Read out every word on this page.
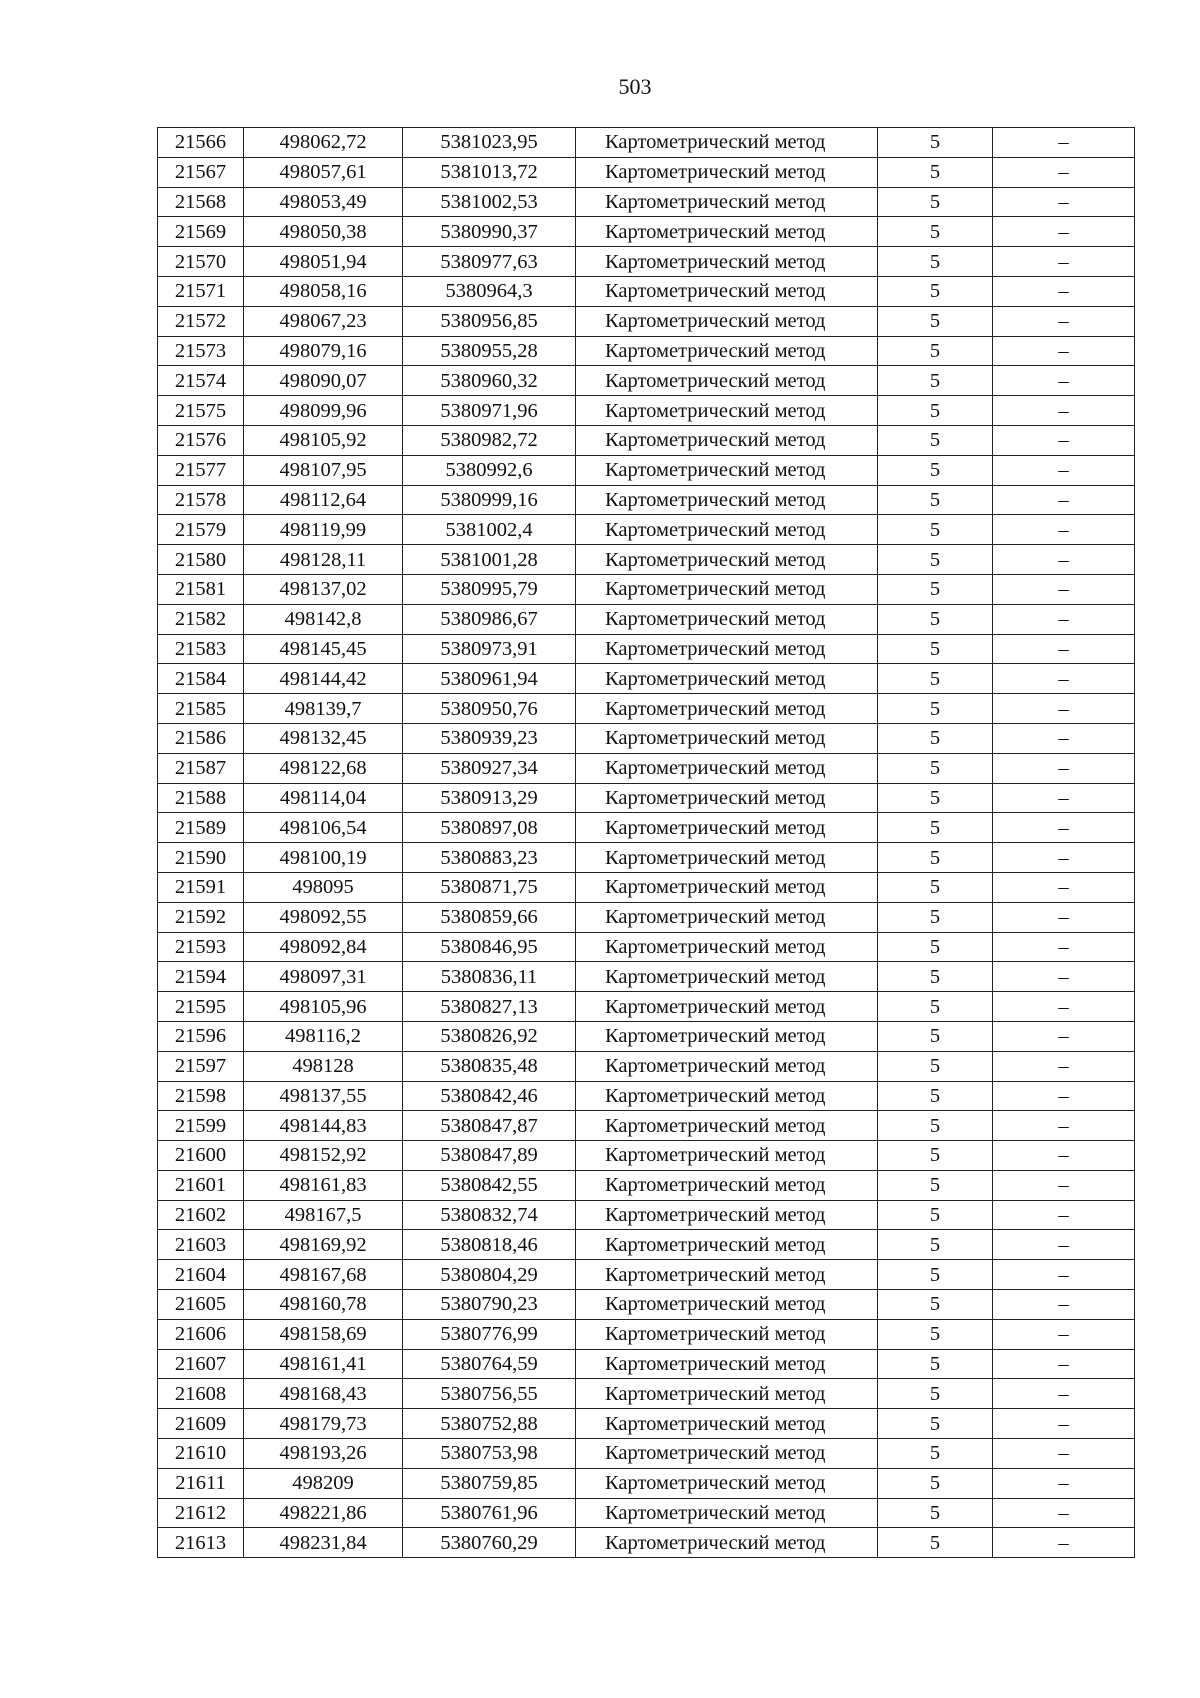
503
21566	498062,72	5381023,95	Картометрический метод	5	–
21567	498057,61	5381013,72	Картометрический метод	5	–
21568	498053,49	5381002,53	Картометрический метод	5	–
21569	498050,38	5380990,37	Картометрический метод	5	–
21570	498051,94	5380977,63	Картометрический метод	5	–
21571	498058,16	5380964,3	Картометрический метод	5	–
21572	498067,23	5380956,85	Картометрический метод	5	–
21573	498079,16	5380955,28	Картометрический метод	5	–
21574	498090,07	5380960,32	Картометрический метод	5	–
21575	498099,96	5380971,96	Картометрический метод	5	–
21576	498105,92	5380982,72	Картометрический метод	5	–
21577	498107,95	5380992,6	Картометрический метод	5	–
21578	498112,64	5380999,16	Картометрический метод	5	–
21579	498119,99	5381002,4	Картометрический метод	5	–
21580	498128,11	5381001,28	Картометрический метод	5	–
21581	498137,02	5380995,79	Картометрический метод	5	–
21582	498142,8	5380986,67	Картометрический метод	5	–
21583	498145,45	5380973,91	Картометрический метод	5	–
21584	498144,42	5380961,94	Картометрический метод	5	–
21585	498139,7	5380950,76	Картометрический метод	5	–
21586	498132,45	5380939,23	Картометрический метод	5	–
21587	498122,68	5380927,34	Картометрический метод	5	–
21588	498114,04	5380913,29	Картометрический метод	5	–
21589	498106,54	5380897,08	Картометрический метод	5	–
21590	498100,19	5380883,23	Картометрический метод	5	–
21591	498095	5380871,75	Картометрический метод	5	–
21592	498092,55	5380859,66	Картометрический метод	5	–
21593	498092,84	5380846,95	Картометрический метод	5	–
21594	498097,31	5380836,11	Картометрический метод	5	–
21595	498105,96	5380827,13	Картометрический метод	5	–
21596	498116,2	5380826,92	Картометрический метод	5	–
21597	498128	5380835,48	Картометрический метод	5	–
21598	498137,55	5380842,46	Картометрический метод	5	–
21599	498144,83	5380847,87	Картометрический метод	5	–
21600	498152,92	5380847,89	Картометрический метод	5	–
21601	498161,83	5380842,55	Картометрический метод	5	–
21602	498167,5	5380832,74	Картометрический метод	5	–
21603	498169,92	5380818,46	Картометрический метод	5	–
21604	498167,68	5380804,29	Картометрический метод	5	–
21605	498160,78	5380790,23	Картометрический метод	5	–
21606	498158,69	5380776,99	Картометрический метод	5	–
21607	498161,41	5380764,59	Картометрический метод	5	–
21608	498168,43	5380756,55	Картометрический метод	5	–
21609	498179,73	5380752,88	Картометрический метод	5	–
21610	498193,26	5380753,98	Картометрический метод	5	–
21611	498209	5380759,85	Картометрический метод	5	–
21612	498221,86	5380761,96	Картометрический метод	5	–
21613	498231,84	5380760,29	Картометрический метод	5	–
